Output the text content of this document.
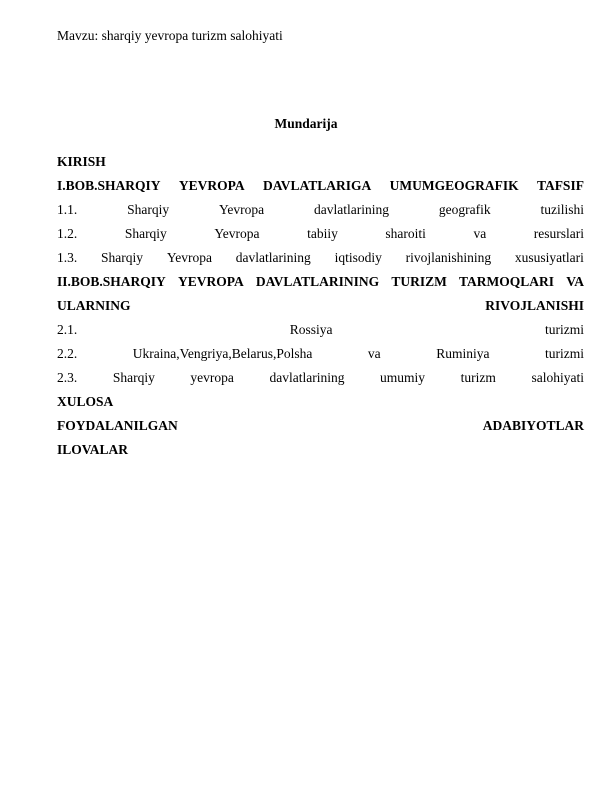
Mavzu: sharqiy yevropa turizm salohiyati
Mundarija
KIRISH
I.BOB.SHARQIY YEVROPA DAVLATLARIGA UMUMGEOGRAFIK TAFSIF
1.1.	Sharqiy	Yevropa	davlatlarining	geografik	tuzilishi
1.2.	Sharqiy	Yevropa	tabiiy	sharoiti	va	resurslari
1.3. Sharqiy Yevropa davlatlarining iqtisodiy rivojlanishining xususiyatlari
II.BOB.SHARQIY YEVROPA DAVLATLARINING TURIZM TARMOQLARI VA
ULARNING	RIVOJLANISHI
2.1.	Rossiya	turizmi
2.2.	Ukraina,Vengriya,Belarus,Polsha	va	Ruminiya	turizmi
2.3.	Sharqiy	yevropa	davlatlarining	umumiy	turizm	salohiyati
XULOSA
FOYDALANILGAN	ADABIYOTLAR
ILOVALAR
